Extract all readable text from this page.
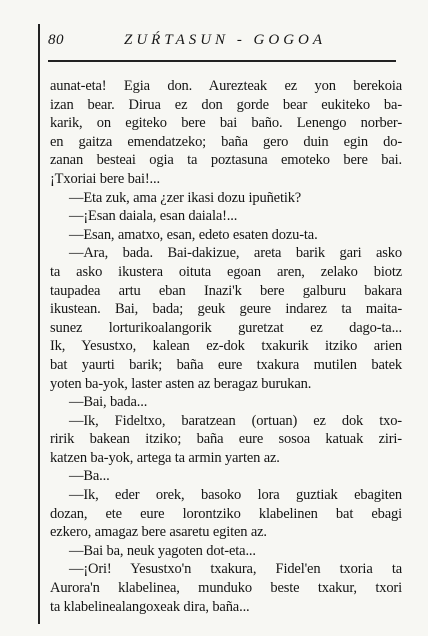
80	ZUŔTASUN - GOGOA
aunat-eta! Egia don. Aurezteak ez yon berekoia
izan bear. Dirua ez don gorde bear eukiteko ba-
karik, on egiteko bere bai baño. Lenengo norber-
en gaitza emendatzeko; baña gero duin egin do-
zanan besteai ogia ta poztasuna emoteko bere bai.
¡Txoriai bere bai!...
—Eta zuk, ama ¿zer ikasi dozu ipuñetik?
—¡Esan daiala, esan daiala!...
—Esan, amatxo, esan, edeto esaten dozu-ta.
—Ara, bada. Bai-dakizue, areta barik gari asko
ta asko ikustera oituta egoan aren, zelako biotz
taupadea artu eban Inazi'k bere galburu bakara
ikustean. Bai, bada; geuk geure indarez ta maita-
sunez lorturikoalangorik guretzat ez dago-ta...
Ik, Yesustxo, kalean ez-dok txakurik itziko arien
bat yaurti barik; baña eure txakura mutilen batek
yoten ba-yok, laster asten az beragaz burukan.
—Bai, bada...
—Ik, Fideltxo, baratzean (ortuan) ez dok txo-
ririk bakean itziko; baña eure sosoa katuak ziri-
katzen ba-yok, artega ta armin yarten az.
—Ba...
—Ik, eder orek, basoko lora guztiak ebagiten
dozan, ete eure lorontziko klabelinen bat ebagi
ezkero, amagaz bere asaretu egiten az.
—Bai ba, neuk yagoten dot-eta...
—¡Ori! Yesustxo'n txakura, Fidel'en txoria ta
Aurora'n klabelinea, munduko beste txakur, txori
ta klabelinealangoxeak dira, baña...
